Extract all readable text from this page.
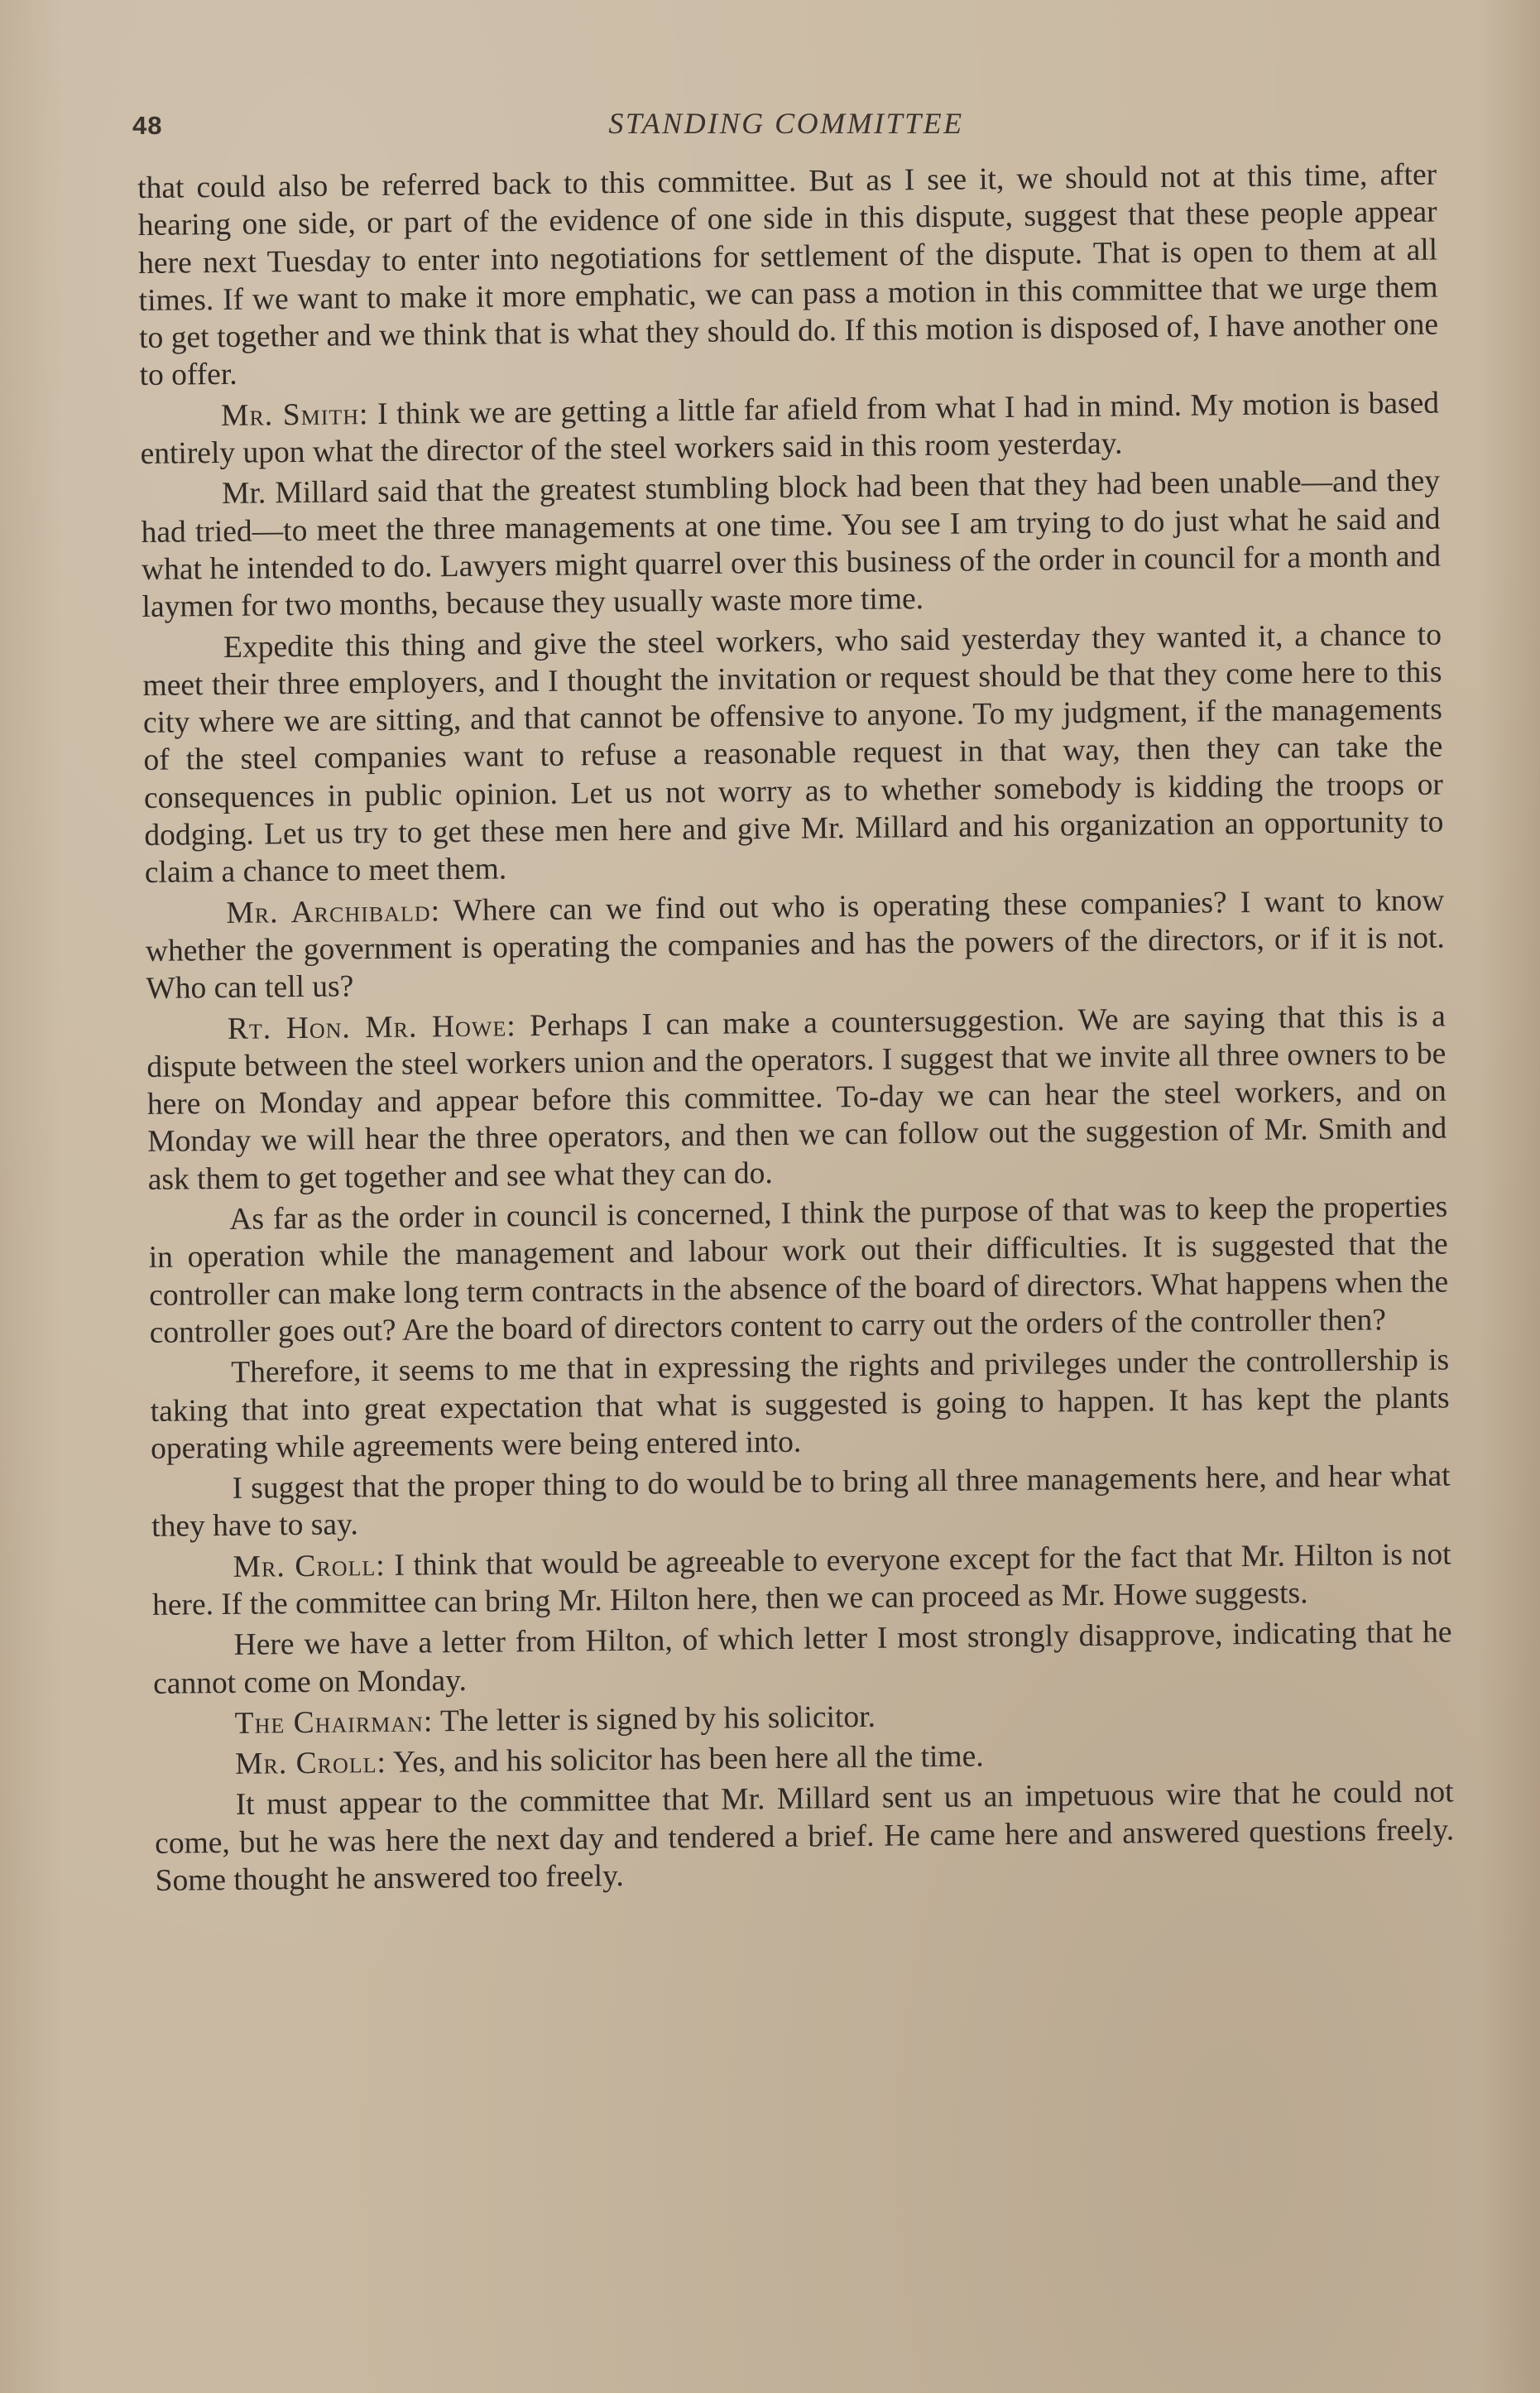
48	STANDING COMMITTEE

that could also be referred back to this committee. But as I see it, we should not at this time, after hearing one side, or part of the evidence of one side in this dispute, suggest that these people appear here next Tuesday to enter into negotiations for settlement of the dispute. That is open to them at all times. If we want to make it more emphatic, we can pass a motion in this committee that we urge them to get together and we think that is what they should do. If this motion is disposed of, I have another one to offer.

Mr. Smith: I think we are getting a little far afield from what I had in mind. My motion is based entirely upon what the director of the steel workers said in this room yesterday.

Mr. Millard said that the greatest stumbling block had been that they had been unable—and they had tried—to meet the three managements at one time. You see I am trying to do just what he said and what he intended to do. Lawyers might quarrel over this business of the order in council for a month and laymen for two months, because they usually waste more time.

Expedite this thing and give the steel workers, who said yesterday they wanted it, a chance to meet their three employers, and I thought the invitation or request should be that they come here to this city where we are sitting, and that cannot be offensive to anyone. To my judgment, if the managements of the steel companies want to refuse a reasonable request in that way, then they can take the consequences in public opinion. Let us not worry as to whether somebody is kidding the troops or dodging. Let us try to get these men here and give Mr. Millard and his organization an opportunity to claim a chance to meet them.

Mr. Archibald: Where can we find out who is operating these companies? I want to know whether the government is operating the companies and has the powers of the directors, or if it is not. Who can tell us?

Rt. Hon. Mr. Howe: Perhaps I can make a countersuggestion. We are saying that this is a dispute between the steel workers union and the operators. I suggest that we invite all three owners to be here on Monday and appear before this committee. To-day we can hear the steel workers, and on Monday we will hear the three operators, and then we can follow out the suggestion of Mr. Smith and ask them to get together and see what they can do.

As far as the order in council is concerned, I think the purpose of that was to keep the properties in operation while the management and labour work out their difficulties. It is suggested that the controller can make long term contracts in the absence of the board of directors. What happens when the controller goes out? Are the board of directors content to carry out the orders of the controller then?

Therefore, it seems to me that in expressing the rights and privileges under the controllership is taking that into great expectation that what is suggested is going to happen. It has kept the plants operating while agreements were being entered into.

I suggest that the proper thing to do would be to bring all three managements here, and hear what they have to say.

Mr. Croll: I think that would be agreeable to everyone except for the fact that Mr. Hilton is not here. If the committee can bring Mr. Hilton here, then we can proceed as Mr. Howe suggests.

Here we have a letter from Hilton, of which letter I most strongly disapprove, indicating that he cannot come on Monday.

The Chairman: The letter is signed by his solicitor.

Mr. Croll: Yes, and his solicitor has been here all the time.

It must appear to the committee that Mr. Millard sent us an impetuous wire that he could not come, but he was here the next day and tendered a brief. He came here and answered questions freely. Some thought he answered too freely.
